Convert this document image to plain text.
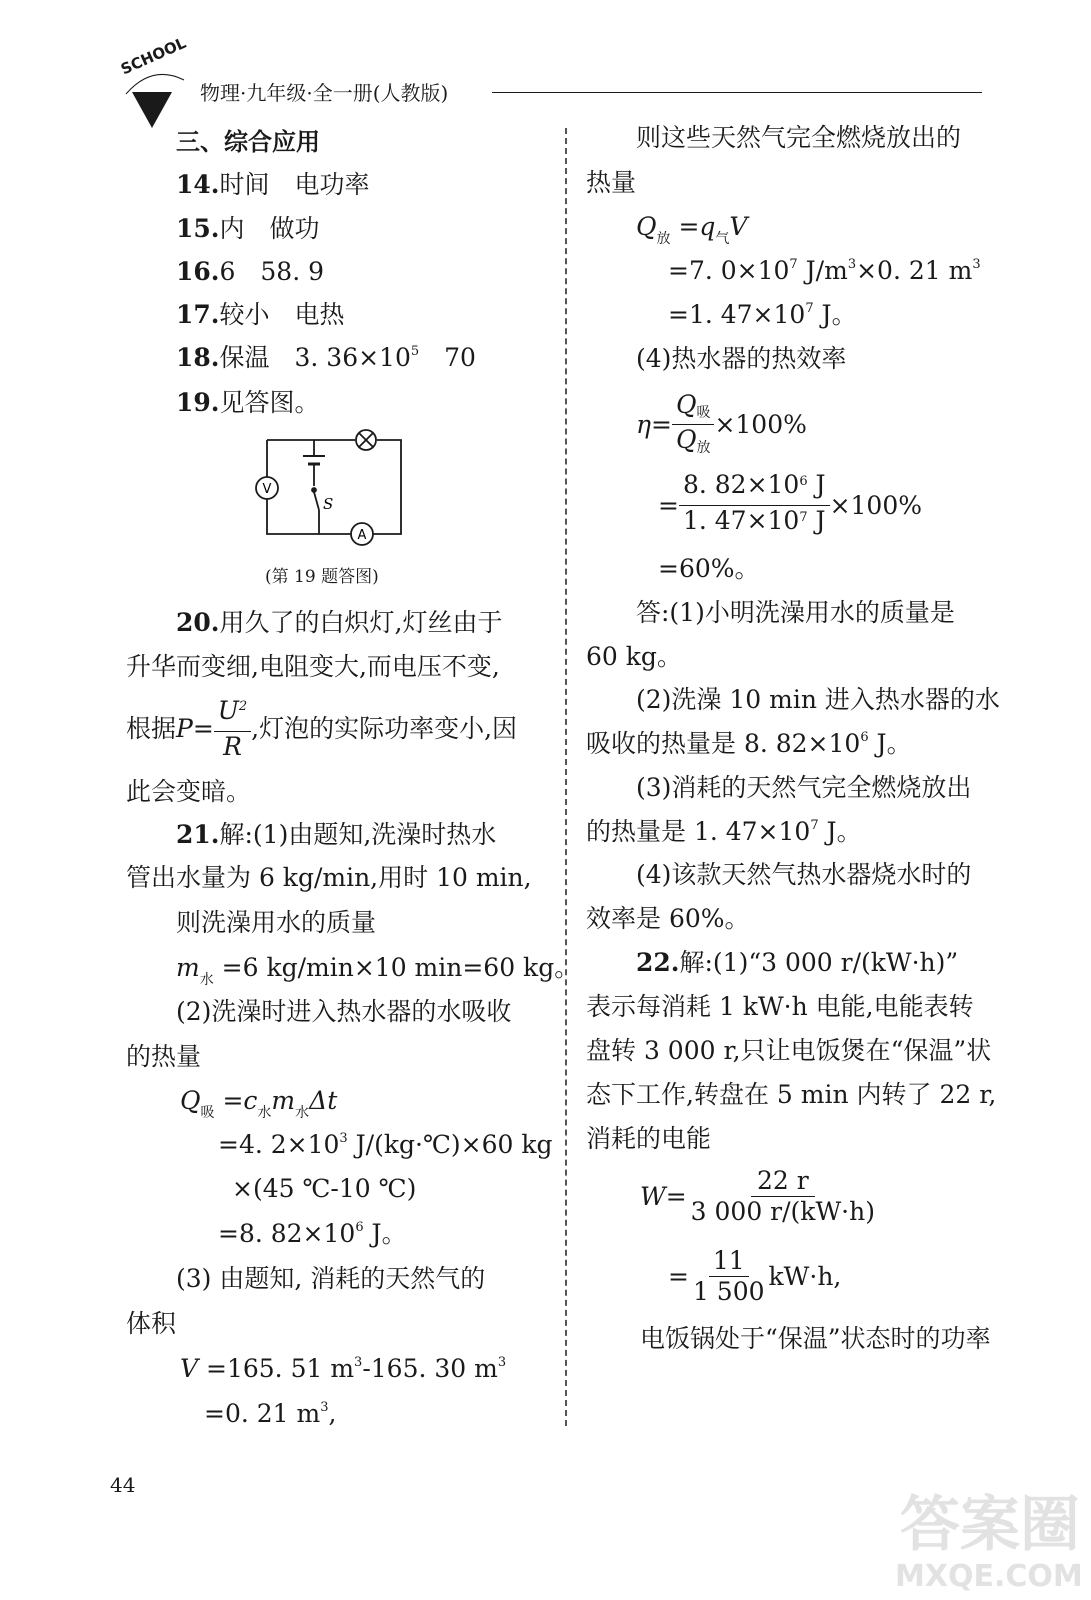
SCHOOL
物理·九年级·全一册(人教版)
三、综合应用
14.时间　电功率
15.内　做功
16.6　58. 9
17.较小　电热
18.保温　3. $36\times 10^5$　70
19.见答图。
V
A
S
(第 19 题答图)
20.用久了的白炽灯,灯丝由于
升华而变细,电阻变大,而电压不变,
根据 $P = \frac{U^2}{R}$ ,灯泡的实际功率变小,因
此会变暗。
21.解:(1)由题知,洗澡时热水
管出水量为 6 kg/min,用时 10 min,
则洗澡用水的质量
$m_水 =6$ kg/min×10 min=60 kg。
(2)洗澡时进入热水器的水吸收
的热量
$Q_吸 =c_水m_水\Delta t$
=4. $2\times 10^3$ J/(kg·℃)×60 kg
×(45 ℃-10 ℃)
=8. $82\times 10^6$ J。
(3) 由题知, 消耗的天然气的
体积
V =165. 51 $m^3-165$. 30 $m^3$
=0. 21 $m^3$,
则这些天然气完全燃烧放出的
热量
$Q_放 =q_气V$
=7. $0\times 10^7$ $J/m^3\times 0$. 21 $m^3$
=1. $47\times 10^7$ J。
(4)热水器的热效率
$\eta = \frac{\text{Q吸}}{\text{Q放}} \times 100\%$
= $\frac{8. 82\times 10^6 J}{1. 47\times 10^7 J} \times 100\%$
=60%。
答:(1)小明洗澡用水的质量是
60 kg。
(2)洗澡 10 min 进入热水器的水
吸收的热量是 8. $82\times 10^6$ J。
(3)消耗的天然气完全燃烧放出
的热量是 1. $47\times 10^7$ J。
(4)该款天然气热水器烧水时的
效率是 60%。
22.解:(1)“3 000 r/(kW·h)”
表示每消耗 1 kW·h 电能,电能表转
盘转 3 000 r,只让电饭煲在“保温”状
态下工作,转盘在 5 min 内转了 22 r,
消耗的电能
$W = \frac{22 r}{3 000 r/(kW\cdot h)}$
= $\frac{11}{1 500} kW\cdot h$,
电饭锅处于“保温”状态时的功率
44
答案圈
MXQE.COM
